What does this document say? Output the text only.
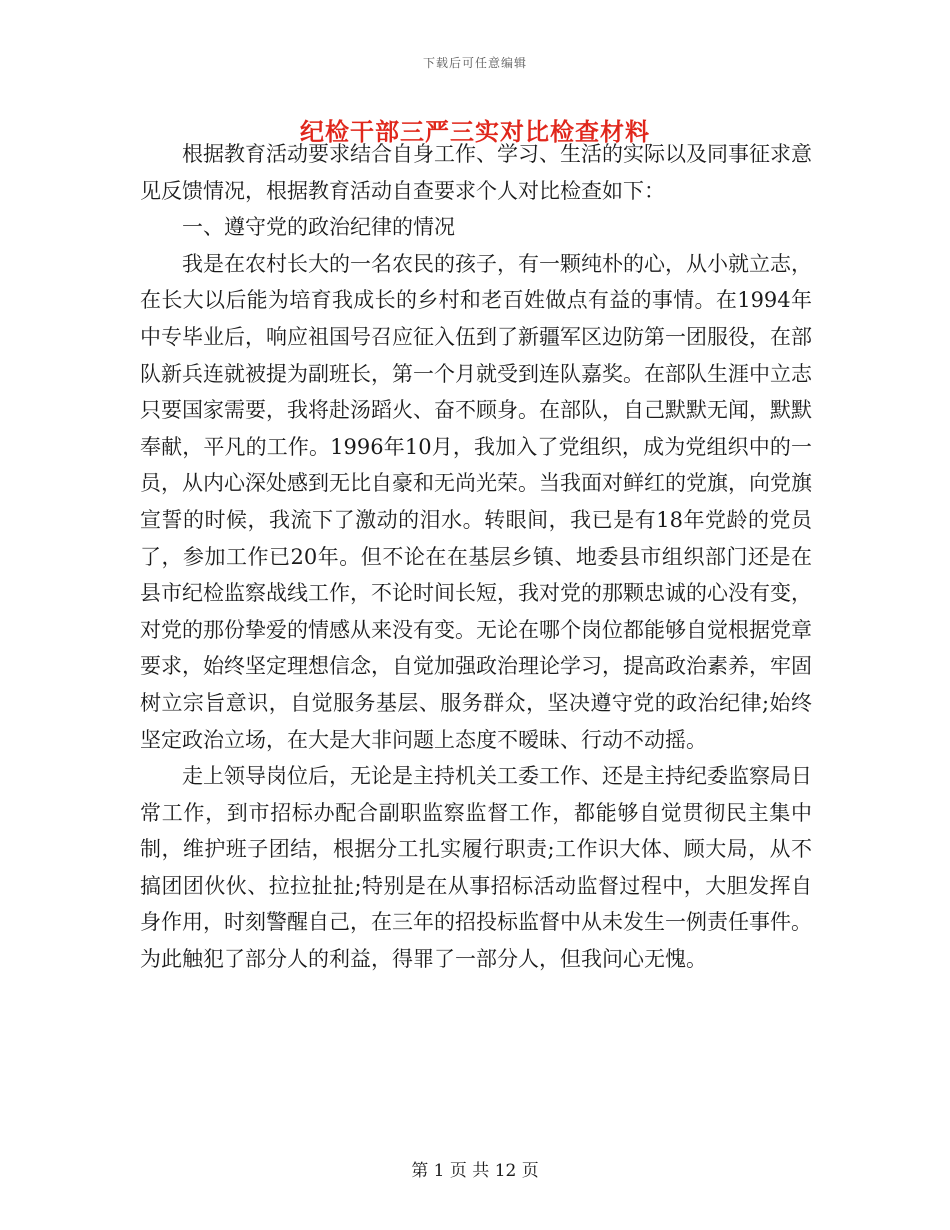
下载后可任意编辑
纪检干部三严三实对比检查材料

根据教育活动要求结合自身工作、学习、生活的实际以及同事征求意见反馈情况，根据教育活动自查要求个人对比检查如下：

一、遵守党的政治纪律的情况

我是在农村长大的一名农民的孩子，有一颗纯朴的心，从小就立志，在长大以后能为培育我成长的乡村和老百姓做点有益的事情。在1994年中专毕业后，响应祖国号召应征入伍到了新疆军区边防第一团服役，在部队新兵连就被提为副班长，第一个月就受到连队嘉奖。在部队生涯中立志只要国家需要，我将赴汤蹈火、奋不顾身。在部队，自己默默无闻，默默奉献，平凡的工作。1996年10月，我加入了党组织，成为党组织中的一员，从内心深处感到无比自豪和无尚光荣。当我面对鲜红的党旗，向党旗宣誓的时候，我流下了激动的泪水。转眼间，我已是有18年党龄的党员了，参加工作已20年。但不论在在基层乡镇、地委县市组织部门还是在县市纪检监察战线工作，不论时间长短，我对党的那颗忠诚的心没有变，对党的那份挚爱的情感从来没有变。无论在哪个岗位都能够自觉根据党章要求，始终坚定理想信念，自觉加强政治理论学习，提高政治素养，牢固树立宗旨意识，自觉服务基层、服务群众，坚决遵守党的政治纪律;始终坚定政治立场，在大是大非问题上态度不暧昧、行动不动摇。

走上领导岗位后，无论是主持机关工委工作、还是主持纪委监察局日常工作，到市招标办配合副职监察监督工作，都能够自觉贯彻民主集中制，维护班子团结，根据分工扎实履行职责;工作识大体、顾大局，从不搞团团伙伙、拉拉扯扯;特别是在从事招标活动监督过程中，大胆发挥自身作用，时刻警醒自己，在三年的招投标监督中从未发生一例责任事件。为此触犯了部分人的利益，得罪了一部分人，但我问心无愧。

第 1 页 共 12 页
